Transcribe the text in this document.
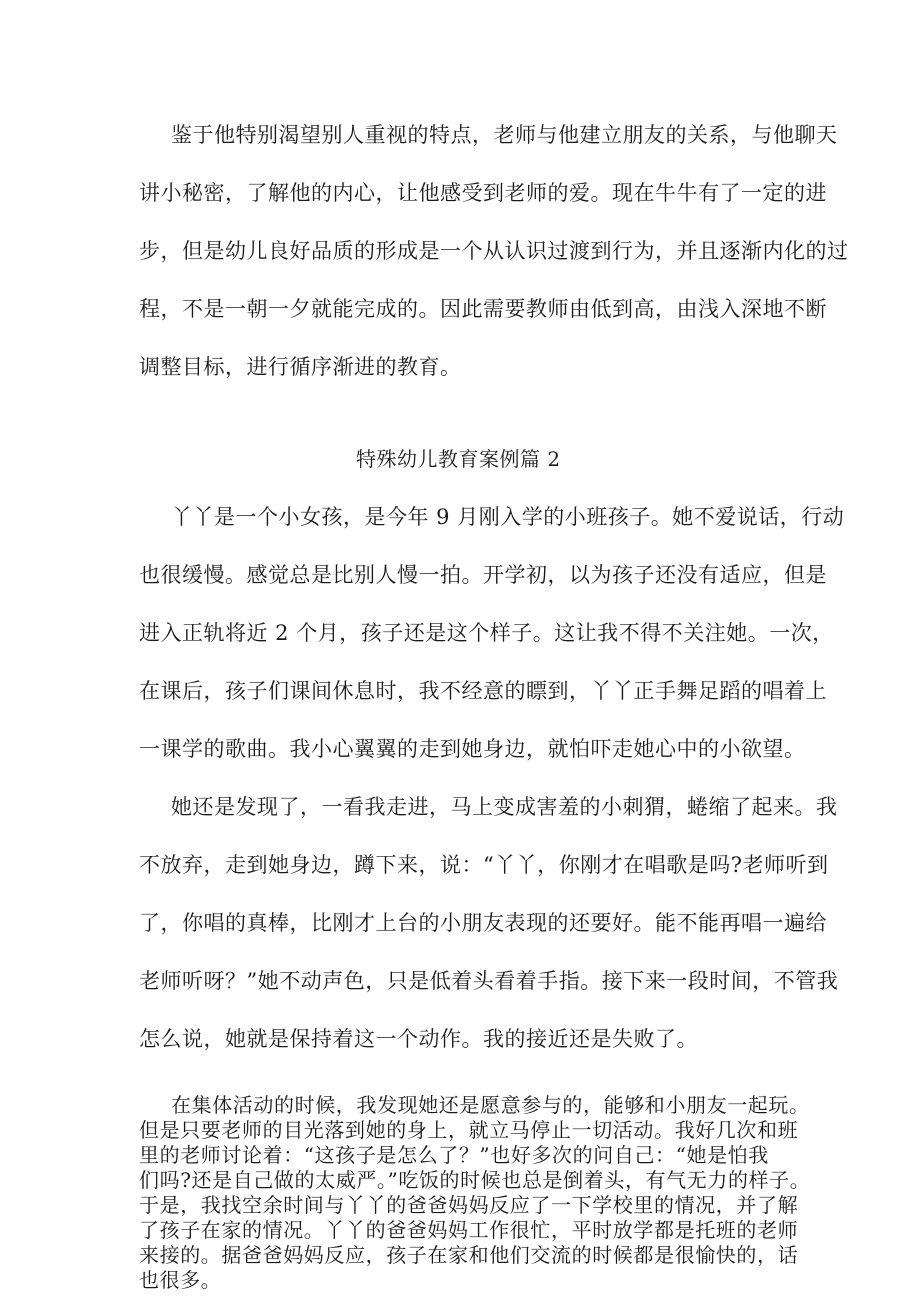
鉴于他特别渴望别人重视的特点，老师与他建立朋友的关系，与他聊天
讲小秘密，了解他的内心，让他感受到老师的爱。现在牛牛有了一定的进
步，但是幼儿良好品质的形成是一个从认识过渡到行为，并且逐渐内化的过
程，不是一朝一夕就能完成的。因此需要教师由低到高，由浅入深地不断
调整目标，进行循序渐进的教育。
特殊幼儿教育案例篇 2
丫丫是一个小女孩，是今年 9 月刚入学的小班孩子。她不爱说话，行动
也很缓慢。感觉总是比别人慢一拍。开学初，以为孩子还没有适应，但是
进入正轨将近 2 个月，孩子还是这个样子。这让我不得不关注她。一次，
在课后，孩子们课间休息时，我不经意的瞟到，丫丫正手舞足蹈的唱着上
一课学的歌曲。我小心翼翼的走到她身边，就怕吓走她心中的小欲望。
她还是发现了，一看我走进，马上变成害羞的小刺猬，蜷缩了起来。我
不放弃，走到她身边，蹲下来，说：“丫丫，你刚才在唱歌是吗?老师听到
了，你唱的真棒，比刚才上台的小朋友表现的还要好。能不能再唱一遍给
老师听呀？”她不动声色，只是低着头看着手指。接下来一段时间，不管我
怎么说，她就是保持着这一个动作。我的接近还是失败了。
在集体活动的时候，我发现她还是愿意参与的，能够和小朋友一起玩。
但是只要老师的目光落到她的身上，就立马停止一切活动。我好几次和班
里的老师讨论着：“这孩子是怎么了？”也好多次的问自己：“她是怕我
们吗?还是自己做的太威严。”吃饭的时候也总是倒着头，有气无力的样子。
于是，我找空余时间与丫丫的爸爸妈妈反应了一下学校里的情况，并了解
了孩子在家的情况。丫丫的爸爸妈妈工作很忙，平时放学都是托班的老师
来接的。据爸爸妈妈反应，孩子在家和他们交流的时候都是很愉快的，话
也很多。
